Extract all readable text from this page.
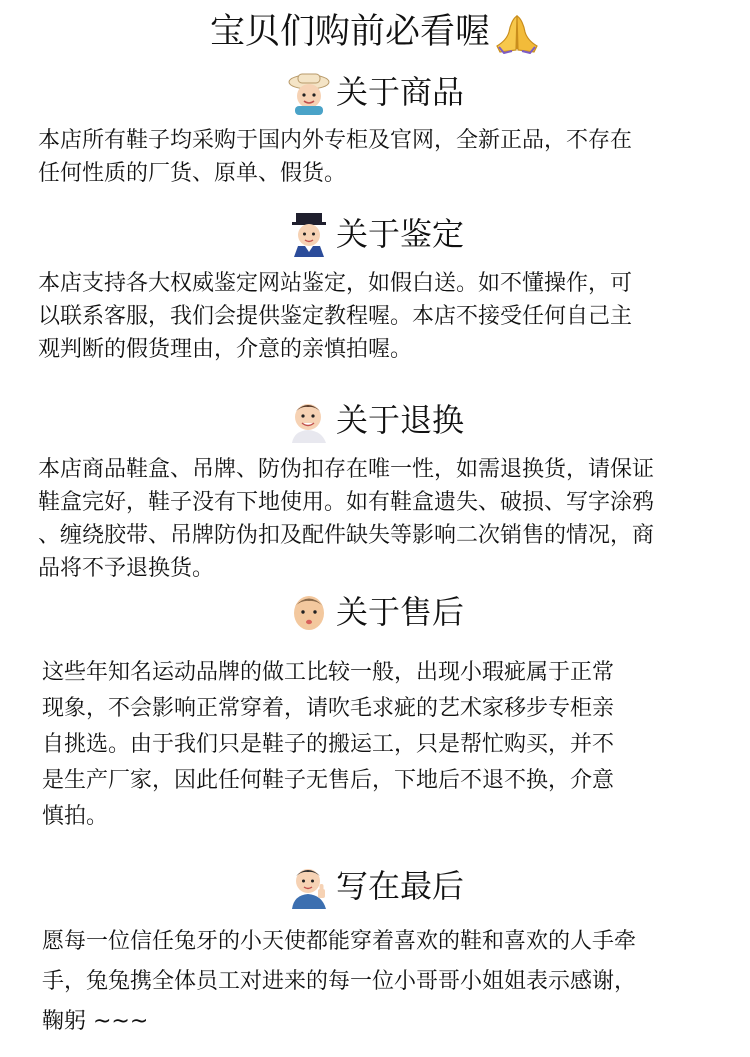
宝贝们购前必看喔
关于商品

本店所有鞋子均采购于国内外专柜及官网，全新正品，不存在
任何性质的厂货、原单、假货。

关于鉴定

本店支持各大权威鉴定网站鉴定，如假白送。如不懂操作，可
以联系客服，我们会提供鉴定教程喔。本店不接受任何自己主
观判断的假货理由，介意的亲慎拍喔。

关于退换

本店商品鞋盒、吊牌、防伪扣存在唯一性，如需退换货，请保证
鞋盒完好，鞋子没有下地使用。如有鞋盒遗失、破损、写字涂鸦
、缠绕胶带、吊牌防伪扣及配件缺失等影响二次销售的情况，商
品将不予退换货。

关于售后

这些年知名运动品牌的做工比较一般，出现小瑕疵属于正常
现象，不会影响正常穿着，请吹毛求疵的艺术家移步专柜亲
自挑选。由于我们只是鞋子的搬运工，只是帮忙购买，并不
是生产厂家，因此任何鞋子无售后，下地后不退不换，介意
慎拍。

写在最后

愿每一位信任兔牙的小天使都能穿着喜欢的鞋和喜欢的人手牵
手，兔兔携全体员工对进来的每一位小哥哥小姐姐表示感谢，
鞠躬 ~~~
